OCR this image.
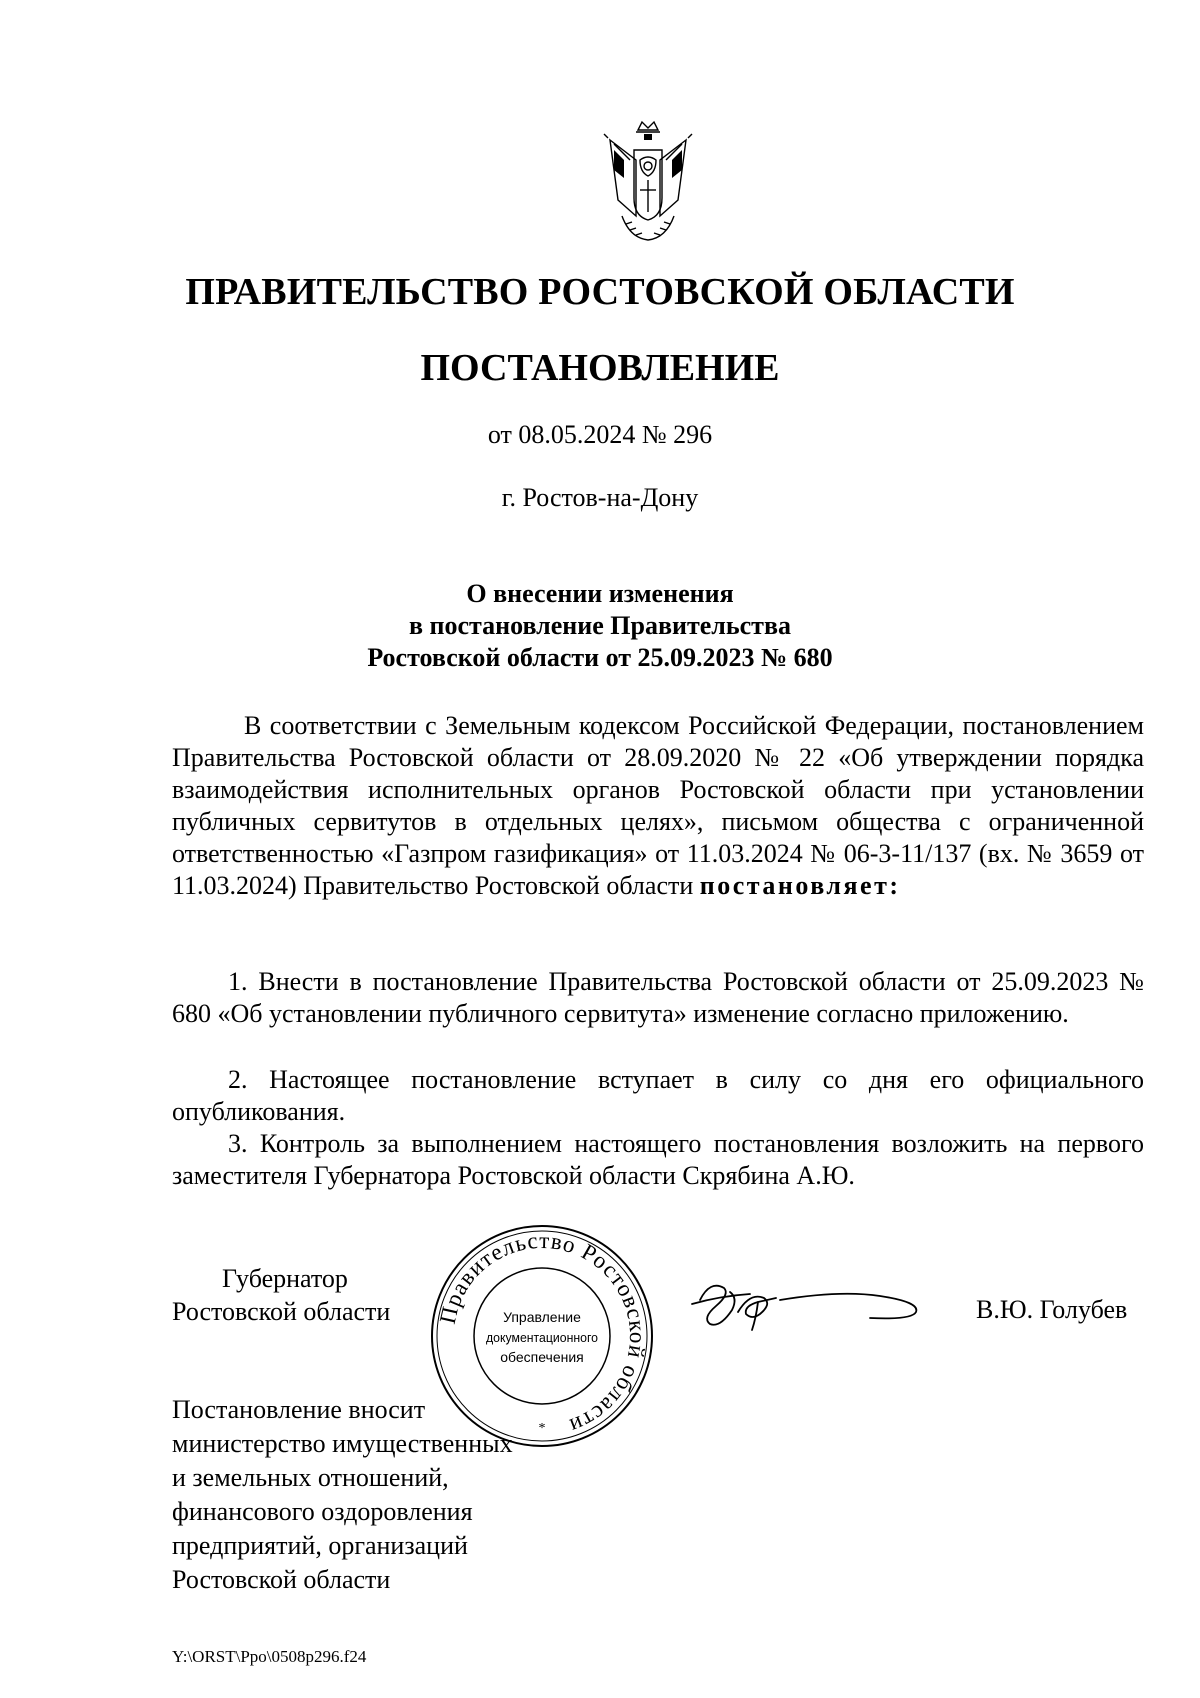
ПРАВИТЕЛЬСТВО РОСТОВСКОЙ ОБЛАСТИ
ПОСТАНОВЛЕНИЕ
от 08.05.2024 № 296
г. Ростов-на-Дону
О внесении изменения
в постановление Правительства
Ростовской области от 25.09.2023 № 680
В соответствии с Земельным кодексом Российской Федерации, постановлением Правительства Ростовской области от 28.09.2020 № 22 «Об утверждении порядка взаимодействия исполнительных органов Ростовской области при установлении публичных сервитутов в отдельных целях», письмом общества с ограниченной ответственностью «Газпром газификация» от 11.03.2024 № 06-3-11/137 (вх. № 3659 от 11.03.2024) Правительство Ростовской области постановляет:
1. Внести в постановление Правительства Ростовской области от 25.09.2023 № 680 «Об установлении публичного сервитута» изменение согласно приложению.
2. Настоящее постановление вступает в силу со дня его официального опубликования.
3. Контроль за выполнением настоящего постановления возложить на первого заместителя Губернатора Ростовской области Скрябина А.Ю.
Губернатор
Ростовской области Правительство Ростовской области
Управление
документационного
обеспечения
*
В.Ю. Голубев
Постановление вносит
министерство имущественных
и земельных отношений,
финансового оздоровления
предприятий, организаций
Ростовской области
Y:\ORST\Ppo\0508p296.f24
